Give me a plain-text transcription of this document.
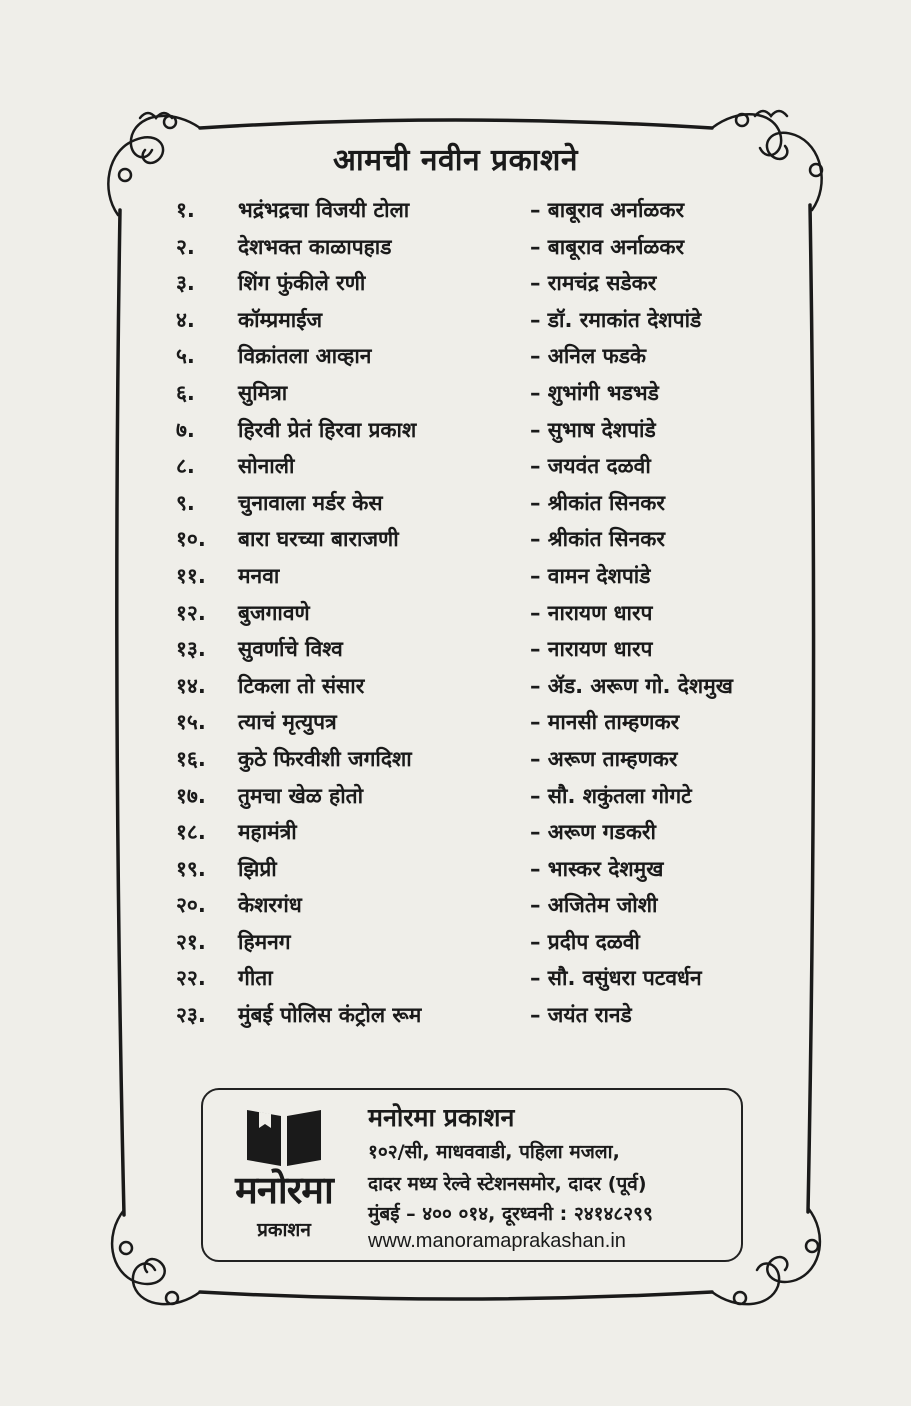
आमची नवीन प्रकाशने
१.	भद्रंभद्रचा विजयी टोला	– बाबूराव अर्नाळकर
२.	देशभक्त काळापहाड	– बाबूराव अर्नाळकर
३.	शिंग फुंकीले रणी	– रामचंद्र सडेकर
४.	कॉम्प्रमाईज	– डॉ. रमाकांत देशपांडे
५.	विक्रांतला आव्हान	– अनिल फडके
६.	सुमित्रा	– शुभांगी भडभडे
७.	हिरवी प्रेतं हिरवा प्रकाश	– सुभाष देशपांडे
८.	सोनाली	– जयवंत दळवी
९.	चुनावाला मर्डर केस	– श्रीकांत सिनकर
१०.	बारा घरच्या बाराजणी	– श्रीकांत सिनकर
११.	मनवा	– वामन देशपांडे
१२.	बुजगावणे	– नारायण धारप
१३.	सुवर्णाचे विश्व	– नारायण धारप
१४.	टिकला तो संसार	– ॲड. अरूण गो. देशमुख
१५.	त्याचं मृत्युपत्र	– मानसी ताम्हणकर
१६.	कुठे फिरवीशी जगदिशा	– अरूण ताम्हणकर
१७.	तुमचा खेळ होतो	– सौ. शकुंतला गोगटे
१८.	महामंत्री	– अरूण गडकरी
१९.	झिप्री	– भास्कर देशमुख
२०.	केशरगंध	– अजितेम जोशी
२१.	हिमनग	– प्रदीप दळवी
२२.	गीता	– सौ. वसुंधरा पटवर्धन
२३.	मुंबई पोलिस कंट्रोल रूम	– जयंत रानडे
मनोरमा
प्रकाशन
मनोरमा प्रकाशन
१०२/सी, माधववाडी, पहिला मजला,
दादर मध्य रेल्वे स्टेशनसमोर, दादर (पूर्व)
मुंबई – ४०० ०१४, दूरध्वनी : २४१४८२९९
www.manoramaprakashan.in
